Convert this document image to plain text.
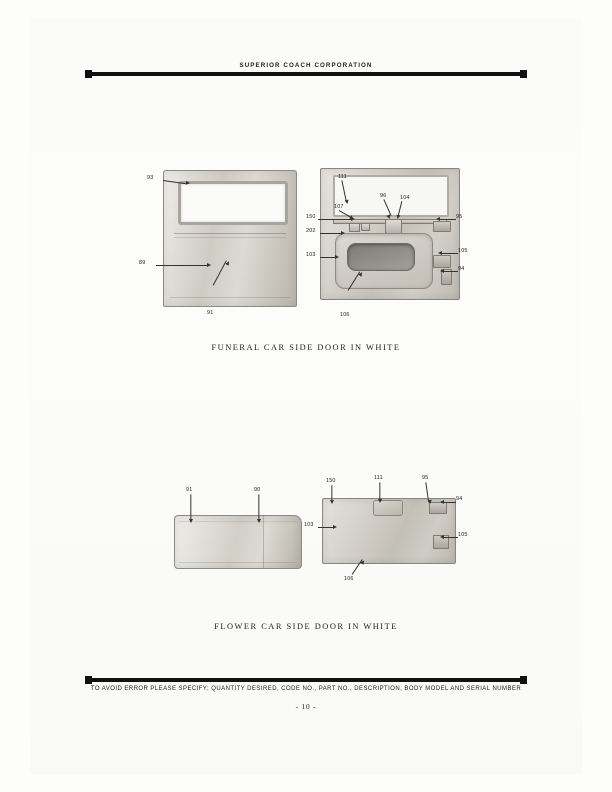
SUPERIOR COACH CORPORATION
93
89
91
111
107
96	104
150	95
202
105
103
94
106
FUNERAL CAR SIDE DOOR IN WHITE
91	90
150	111	95
94
103
105
106
FLOWER CAR SIDE DOOR IN WHITE
TO AVOID ERROR PLEASE SPECIFY; QUANTITY DESIRED, CODE NO., PART NO., DESCRIPTION, BODY MODEL AND SERIAL NUMBER
- 10 -
